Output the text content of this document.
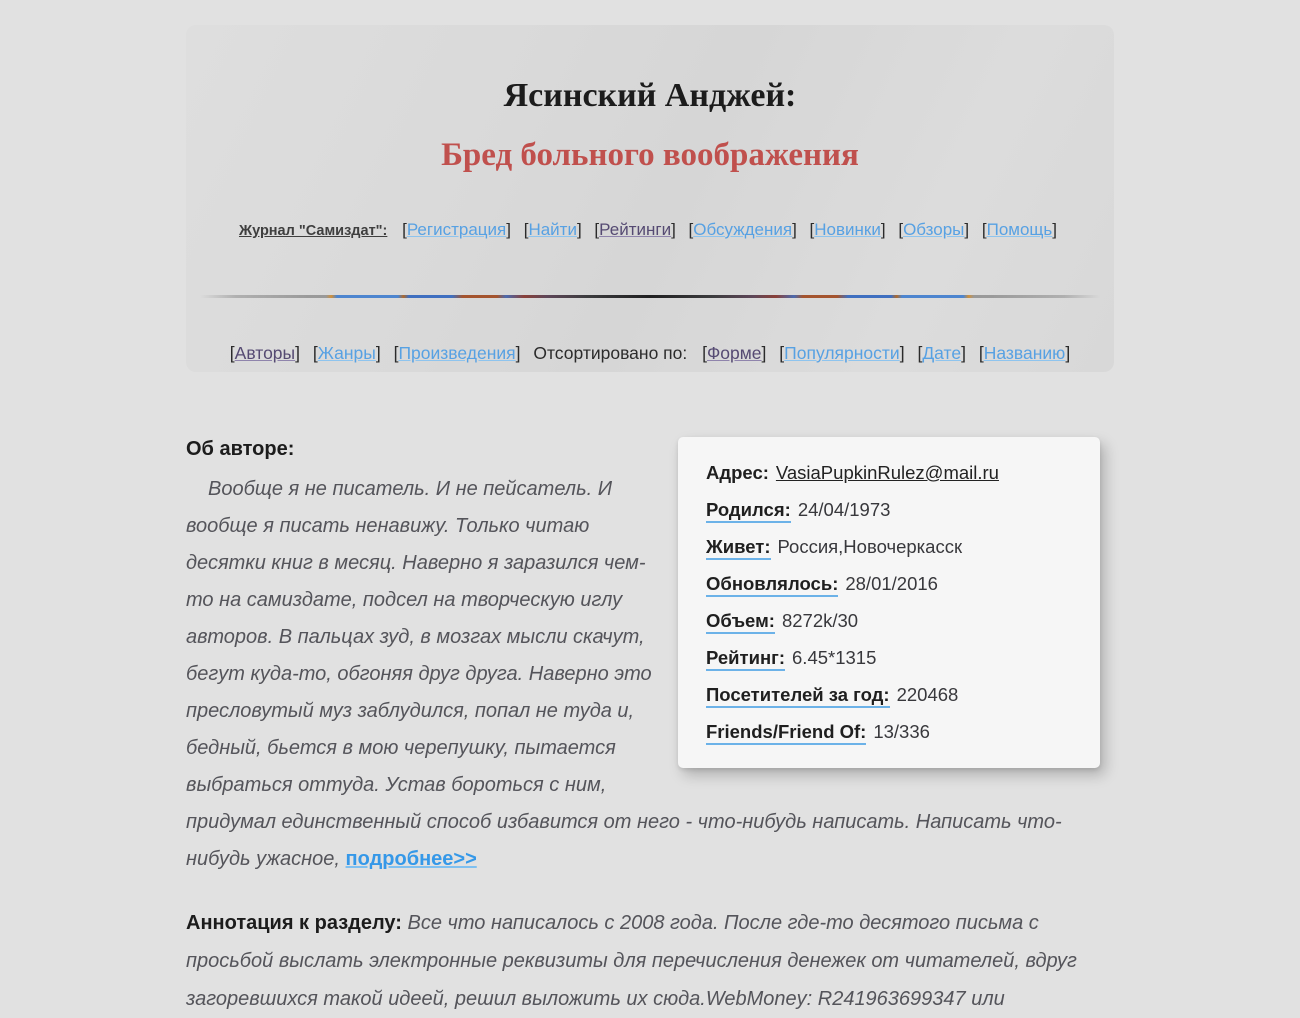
Ясинский Анджей:
Бред больного воображения
Журнал "Самиздат": [ Регистрация ] [ Найти ] [ Рейтинги ] [ Обсуждения ] [ Новинки ] [ Обзоры ] [ Помощь ]
[ Авторы ] [ Жанры ] [ Произведения ] Отсортировано по: [ Форме ] [ Популярности ] [ Дате ] [ Названию ]
Адрес: VasiaPupkinRulez@mail.ru
Родился: 24/04/1973
Живет: Россия,Новочеркасск
Обновлялось: 28/01/2016
Объем: 8272k/30
Рейтинг: 6.45*1315
Посетителей за год: 220468
Friends/Friend Of: 13/336
Об авторе:

Вообще я не писатель. И не пейсатель. И вообще я писать ненавижу. Только читаю десятки книг в месяц. Наверно я заразился чем-то на самиздате, подсел на творческую иглу авторов. В пальцах зуд, в мозгах мысли скачут, бегут куда-то, обгоняя друг друга. Наверно это пресловутый муз заблудился, попал не туда и, бедный, бьется в мою черепушку, пытается выбраться оттуда. Устав бороться с ним, придумал единственный способ избавится от него - что-нибудь написать. Написать что-нибудь ужасное, подробнее>>

Аннотация к разделу: Все что написалось с 2008 года. После где-то десятого письма с просьбой выслать электронные реквизиты для перечисления денежек от читателей, вдруг загоревшихся такой идеей, решил выложить их сюда.WebMoney: R241963699347 или
